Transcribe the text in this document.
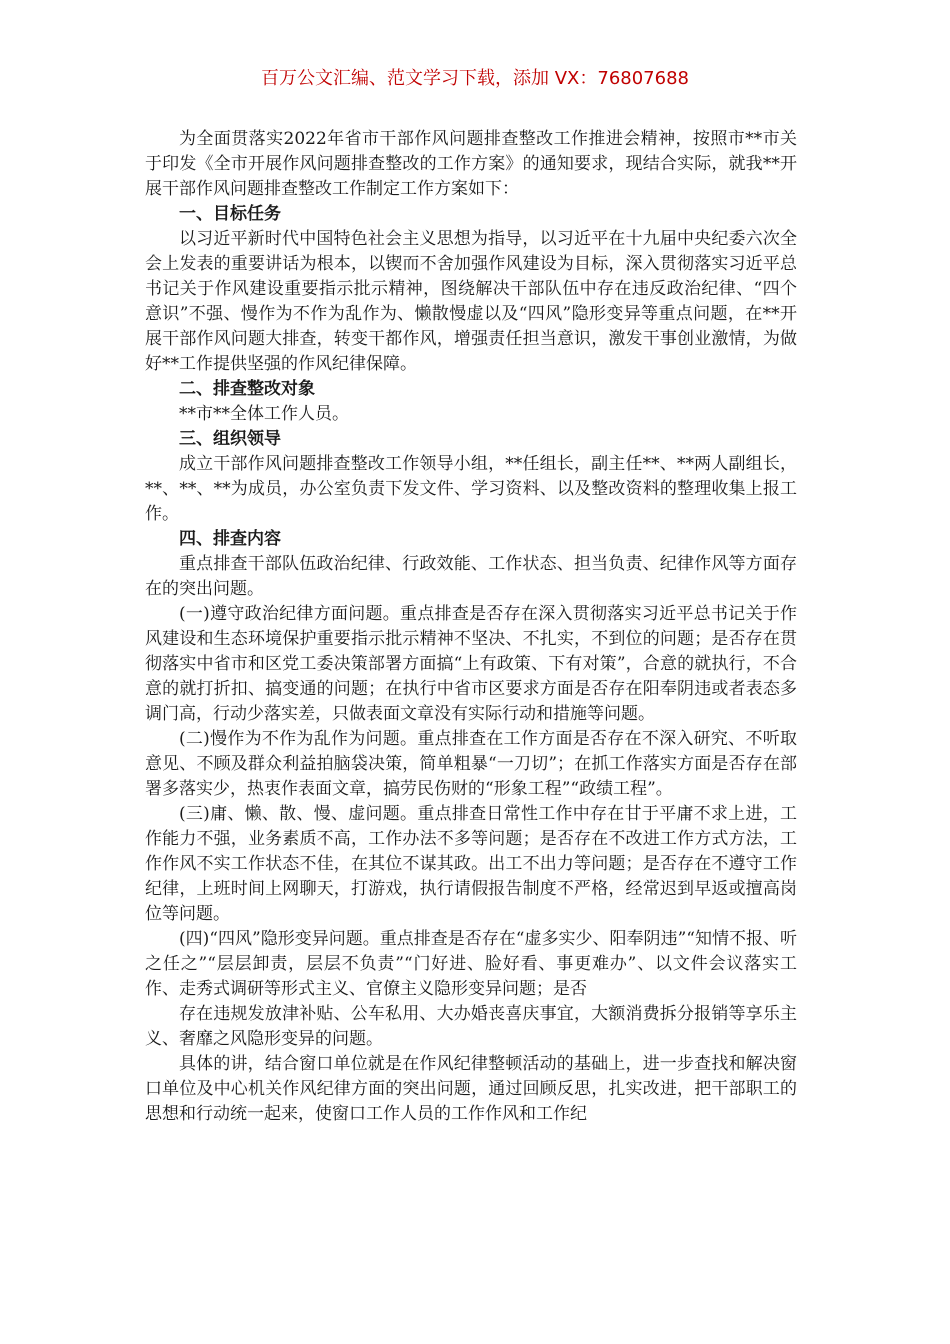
百万公文汇编、范文学习下载，添加 VX：76807688

为全面贯落实2022年省市干部作风问题排查整改工作推进会精神，按照市**市关于印发《全市开展作风问题排查整改的工作方案》的通知要求，现结合实际，就我**开展干部作风问题排查整改工作制定工作方案如下：

一、目标任务

以习近平新时代中国特色社会主义思想为指导，以习近平在十九届中央纪委六次全会上发表的重要讲话为根本，以锲而不舍加强作风建设为目标，深入贯彻落实习近平总书记关于作风建设重要指示批示精神，图绕解决干部队伍中存在违反政治纪律、“四个意识”不强、慢作为不作为乱作为、懒散慢虚以及“四风”隐形变异等重点问题，在**开展干部作风问题大排查，转变干都作风，增强责任担当意识，激发干事创业激情，为做好**工作提供坚强的作风纪律保障。

二、排查整改对象

**市**全体工作人员。

三、组织领导

成立干部作风问题排查整改工作领导小组，**任组长，副主任**、**两人副组长，**、**、**为成员，办公室负责下发文件、学习资料、以及整改资料的整理收集上报工作。

四、排查内容

重点排查干部队伍政治纪律、行政效能、工作状态、担当负责、纪律作风等方面存在的突出问题。

(一)遵守政治纪律方面问题。重点排查是否存在深入贯彻落实习近平总书记关于作风建设和生态环境保护重要指示批示精神不坚决、不扎实，不到位的问题；是否存在贯彻落实中省市和区党工委决策部署方面搞“上有政策、下有对策”，合意的就执行，不合意的就打折扣、搞变通的问题；在执行中省市区要求方面是否存在阳奉阴违或者表态多调门高，行动少落实差，只做表面文章没有实际行动和措施等问题。

(二)慢作为不作为乱作为问题。重点排查在工作方面是否存在不深入研究、不听取意见、不顾及群众利益拍脑袋决策，简单粗暴“一刀切”；在抓工作落实方面是否存在部署多落实少，热衷作表面文章，搞劳民伤财的“形象工程”“政绩工程”。

(三)庸、懒、散、慢、虚问题。重点排查日常性工作中存在甘于平庸不求上进，工作能力不强，业务素质不高，工作办法不多等问题；是否存在不改进工作方式方法，工作作风不实工作状态不佳，在其位不谋其政。出工不出力等问题；是否存在不遵守工作纪律，上班时间上网聊天，打游戏，执行请假报告制度不严格，经常迟到早返或擅高岗位等问题。

(四)“四风”隐形变异问题。重点排查是否存在“虚多实少、阳奉阴违”“知情不报、听之任之”“层层卸责，层层不负责”“门好进、脸好看、事更难办”、以文件会议落实工作、走秀式调研等形式主义、官僚主义隐形变异问题；是否

存在违规发放津补贴、公车私用、大办婚丧喜庆事宜，大额消费拆分报销等享乐主义、奢靡之风隐形变异的问题。

具体的讲，结合窗口单位就是在作风纪律整顿活动的基础上，进一步查找和解决窗口单位及中心机关作风纪律方面的突出问题，通过回顾反思，扎实改进，把干部职工的思想和行动统一起来，使窗口工作人员的工作作风和工作纪
